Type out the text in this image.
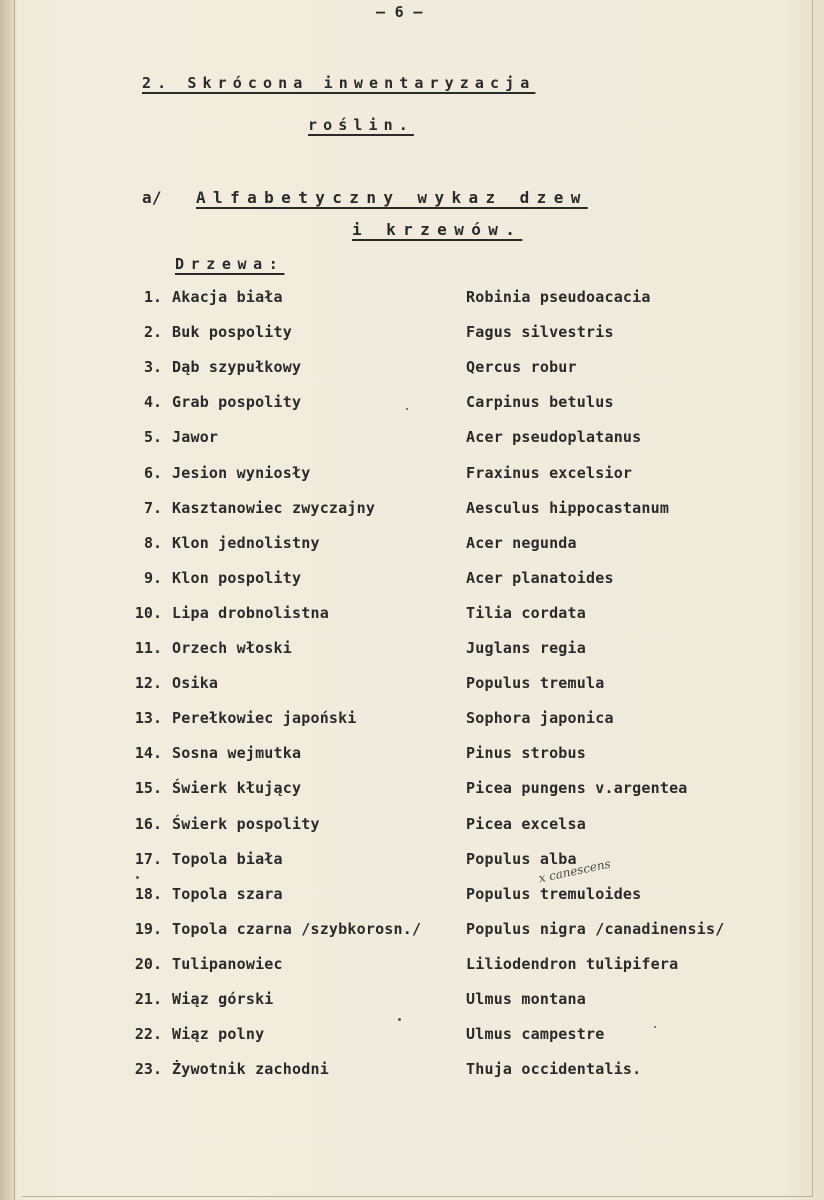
— 6 —
2. Skrócona inwentaryzacja
roślin.
a/ Alfabetyczny wykaz dzew
i krzewów.
Drzewa:
1. Akacja biała	Robinia pseudoacacia
2. Buk pospolity	Fagus silvestris
3. Dąb szypułkowy	Qercus robur
4. Grab pospolity	Carpinus betulus
5. Jawor	Acer pseudoplatanus
6. Jesion wyniosły	Fraxinus excelsior
7. Kasztanowiec zwyczajny	Aesculus hippocastanum
8. Klon jednolistny	Acer negunda
9. Klon pospolity	Acer planatoides
10. Lipa drobnolistna	Tilia cordata
11. Orzech włoski	Juglans regia
12. Osika	Populus tremula
13. Perełkowiec japoński	Sophora japonica
14. Sosna wejmutka	Pinus strobus
15. Świerk kłujący	Picea pungens v.argentea
16. Świerk pospolity	Picea excelsa
17. Topola biała	Populus alba
18. Topola szara	Populus tremuloides
19. Topola czarna /szybkorosn./	Populus nigra /canadinensis/
20. Tulipanowiec	Liliodendron tulipifera
21. Wiąz górski	Ulmus montana
22. Wiąz polny	Ulmus campestre
23. Żywotnik zachodni	Thuja occidentalis.
x canescens
